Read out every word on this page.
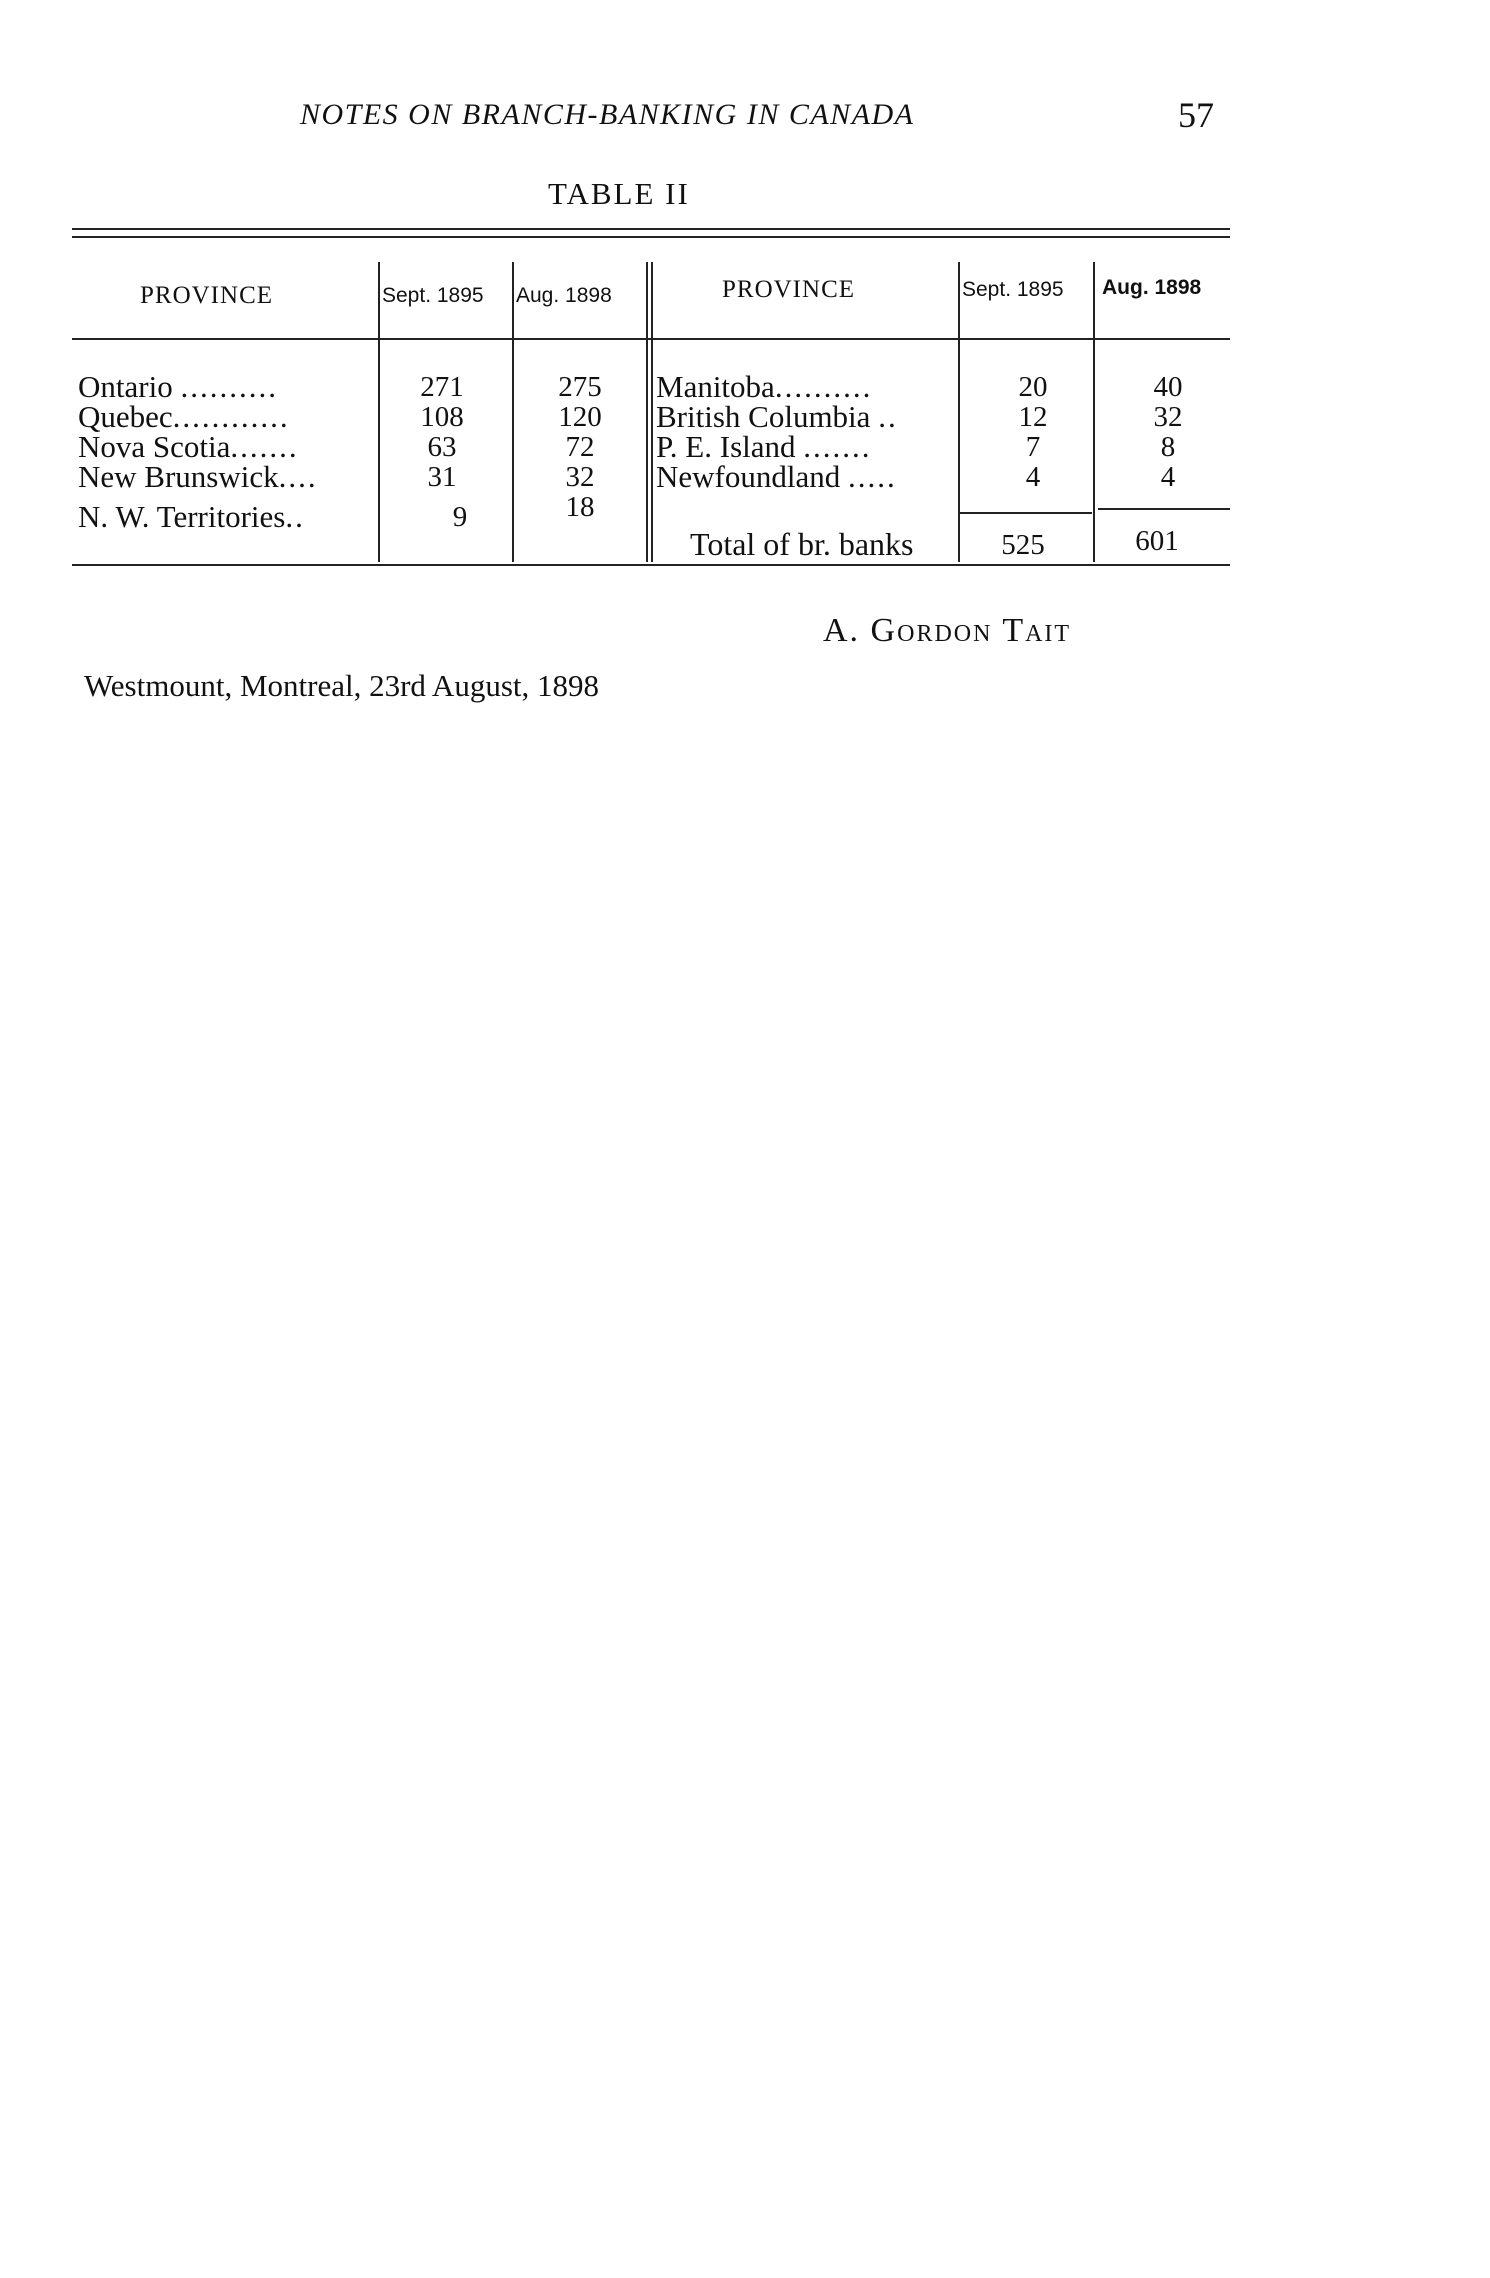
NOTES ON BRANCH-BANKING IN CANADA	57
TABLE II
PROVINCE	Sept. 1895 Aug. 1898	PROVINCE	Sept. 1895 Aug. 1898
Ontario ..........	271	275
Quebec............	108	120
Nova Scotia.......	63	72
New Brunswick....	31	32
N. W. Territories..	9	18
Manitoba..........	20	40
British Columbia ..	12	32
P. E. Island .......	7	8
Newfoundland .....	4	4
Total of br. banks	525	601
A. Gordon Tait
Westmount, Montreal, 23rd August, 1898
